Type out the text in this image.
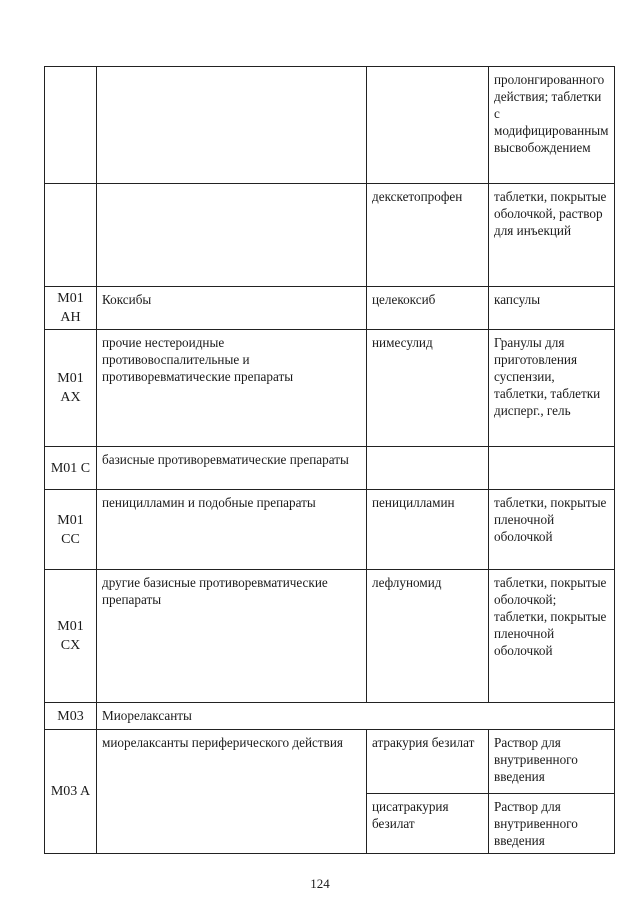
			пролонгированного действия; таблетки с модифицированным высвобождением
		декскетопрофен	таблетки, покрытые оболочкой, раствор для инъекций
M01 AH	Коксибы	целекоксиб	капсулы
M01 AX	прочие нестероидные противовоспалительные и противоревматические препараты	нимесулид	Гранулы для приготовления суспензии, таблетки, таблетки дисперг., гель
M01 C	базисные противоревматические препараты		
M01 CC	пеницилламин и подобные препараты	пеницилламин	таблетки, покрытые пленочной оболочкой
M01 CX	другие базисные противоревматические препараты	лефлуномид	таблетки, покрытые оболочкой; таблетки, покрытые пленочной оболочкой
M03	Миорелаксанты		
M03 A	миорелаксанты периферического действия	атракурия безилат	Раствор для внутривенного введения
		цисатракурия безилат	Раствор для внутривенного введения
124
